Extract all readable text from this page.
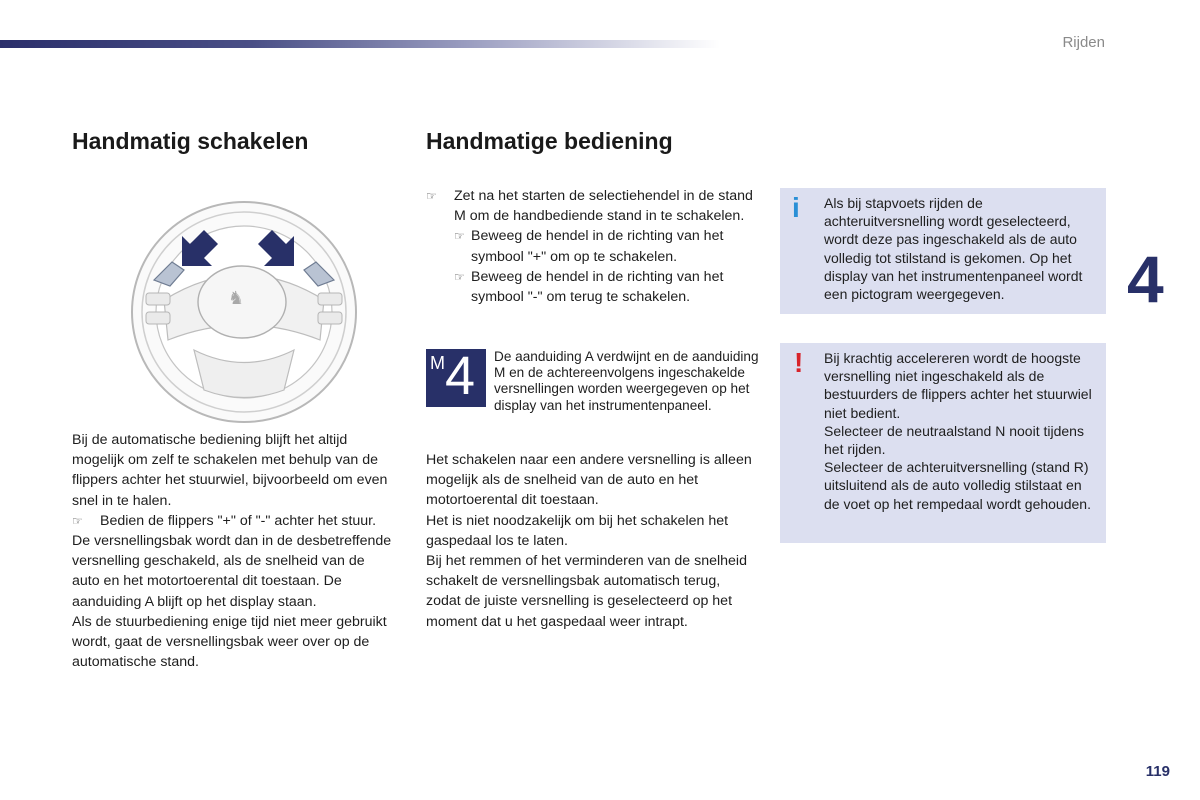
Rijden
4
119
Handmatig schakelen	Handmatige bediening
♞

Bij de automatische bediening blijft het altijd mogelijk om zelf te schakelen met behulp van de flippers achter het stuurwiel, bijvoorbeeld om even snel in te halen.

☞ Bedien de flippers "+" of "-" achter het stuur.

De versnellingsbak wordt dan in de desbetreffende versnelling geschakeld, als de snelheid van de auto en het motortoerental dit toestaan. De aanduiding A blijft op het display staan.

Als de stuurbediening enige tijd niet meer gebruikt wordt, gaat de versnellingsbak weer over op de automatische stand.

☞ Zet na het starten de selectiehendel in de stand M om de handbediende stand in te schakelen.

☞ Beweeg de hendel in de richting van het symbool "+" om op te schakelen.

☞ Beweeg de hendel in de richting van het symbool "-" om terug te schakelen.

M 4 De aanduiding A verdwijnt en de aanduiding M en de achtereenvolgens ingeschakelde versnellingen worden weergegeven op het display van het instrumentenpaneel.

Het schakelen naar een andere versnelling is alleen mogelijk als de snelheid van de auto en het motortoerental dit toestaan.

Het is niet noodzakelijk om bij het schakelen het gaspedaal los te laten.

Bij het remmen of het verminderen van de snelheid schakelt de versnellingsbak automatisch terug, zodat de juiste versnelling is geselecteerd op het moment dat u het gaspedaal weer intrapt.

i Als bij stapvoets rijden de achteruitversnelling wordt geselecteerd, wordt deze pas ingeschakeld als de auto volledig tot stilstand is gekomen. Op het display van het instrumentenpaneel wordt een pictogram weergegeven.

! Bij krachtig accelereren wordt de hoogste versnelling niet ingeschakeld als de bestuurders de flippers achter het stuurwiel niet bedient.

Selecteer de neutraalstand N nooit tijdens het rijden.

Selecteer de achteruitversnelling (stand R) uitsluitend als de auto volledig stilstaat en de voet op het rempedaal wordt gehouden.
